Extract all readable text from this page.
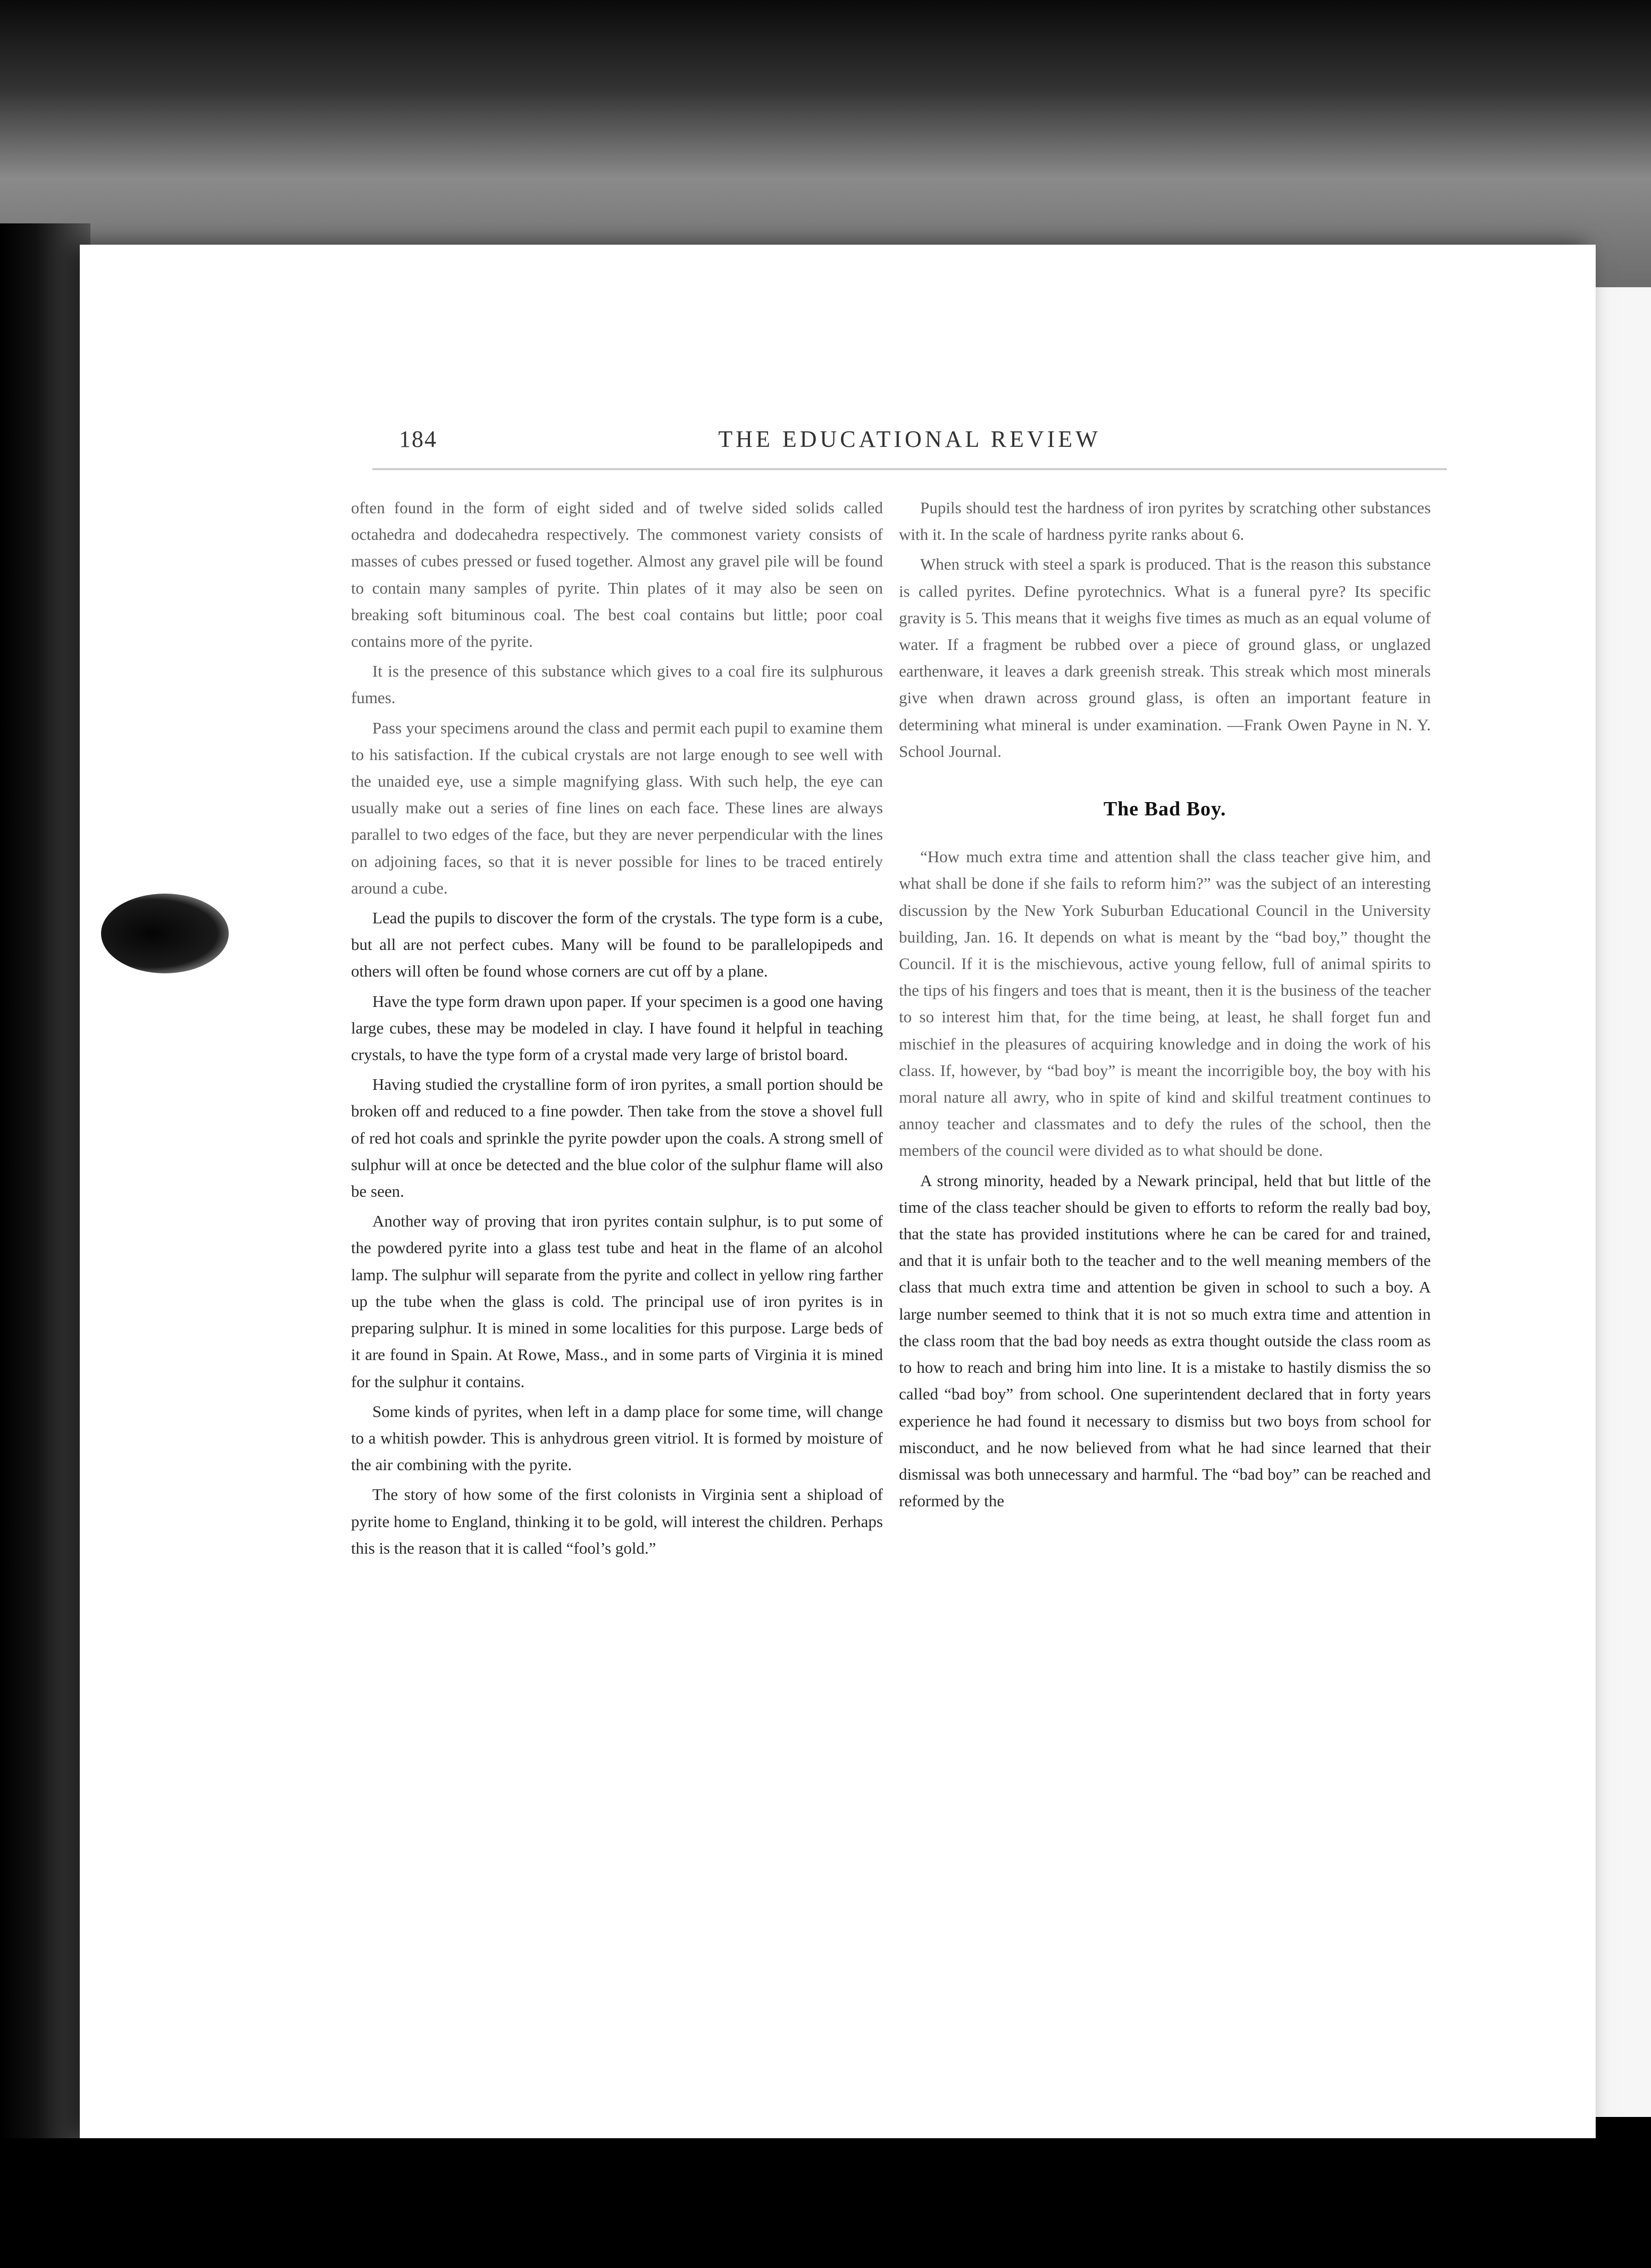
184	THE EDUCATIONAL REVIEW

often found in the form of eight sided and of twelve sided solids called octahedra and dodecahedra respectively. The commonest variety consists of masses of cubes pressed or fused together. Almost any gravel pile will be found to contain many samples of pyrite. Thin plates of it may also be seen on breaking soft bituminous coal. The best coal contains but little; poor coal contains more of the pyrite.

It is the presence of this substance which gives to a coal fire its sulphurous fumes.

Pass your specimens around the class and permit each pupil to examine them to his satisfaction. If the cubical crystals are not large enough to see well with the unaided eye, use a simple magnifying glass. With such help, the eye can usually make out a series of fine lines on each face. These lines are always parallel to two edges of the face, but they are never perpendicular with the lines on adjoining faces, so that it is never possible for lines to be traced entirely around a cube.

Lead the pupils to discover the form of the crystals. The type form is a cube, but all are not perfect cubes. Many will be found to be parallelopipeds and others will often be found whose corners are cut off by a plane.

Have the type form drawn upon paper. If your specimen is a good one having large cubes, these may be modeled in clay. I have found it helpful in teaching crystals, to have the type form of a crystal made very large of bristol board.

Having studied the crystalline form of iron pyrites, a small portion should be broken off and reduced to a fine powder. Then take from the stove a shovel full of red hot coals and sprinkle the pyrite powder upon the coals. A strong smell of sulphur will at once be detected and the blue color of the sulphur flame will also be seen.

Another way of proving that iron pyrites contain sulphur, is to put some of the powdered pyrite into a glass test tube and heat in the flame of an alcohol lamp. The sulphur will separate from the pyrite and collect in yellow ring farther up the tube when the glass is cold. The principal use of iron pyrites is in preparing sulphur. It is mined in some localities for this purpose. Large beds of it are found in Spain. At Rowe, Mass., and in some parts of Virginia it is mined for the sulphur it contains.

Some kinds of pyrites, when left in a damp place for some time, will change to a whitish powder. This is anhydrous green vitriol. It is formed by moisture of the air combining with the pyrite.

The story of how some of the first colonists in Virginia sent a shipload of pyrite home to England, thinking it to be gold, will interest the children. Perhaps this is the reason that it is called “fool’s gold.”

Pupils should test the hardness of iron pyrites by scratching other substances with it. In the scale of hardness pyrite ranks about 6.

When struck with steel a spark is produced. That is the reason this substance is called pyrites. Define pyrotechnics. What is a funeral pyre? Its specific gravity is 5. This means that it weighs five times as much as an equal volume of water. If a fragment be rubbed over a piece of ground glass, or unglazed earthenware, it leaves a dark greenish streak. This streak which most minerals give when drawn across ground glass, is often an important feature in determining what mineral is under examination. —Frank Owen Payne in N. Y. School Journal.

The Bad Boy.

“How much extra time and attention shall the class teacher give him, and what shall be done if she fails to reform him?” was the subject of an interesting discussion by the New York Suburban Educational Council in the University building, Jan. 16. It depends on what is meant by the “bad boy,” thought the Council. If it is the mischievous, active young fellow, full of animal spirits to the tips of his fingers and toes that is meant, then it is the business of the teacher to so interest him that, for the time being, at least, he shall forget fun and mischief in the pleasures of acquiring knowledge and in doing the work of his class. If, however, by “bad boy” is meant the incorrigible boy, the boy with his moral nature all awry, who in spite of kind and skilful treatment continues to annoy teacher and classmates and to defy the rules of the school, then the members of the council were divided as to what should be done.

A strong minority, headed by a Newark principal, held that but little of the time of the class teacher should be given to efforts to reform the really bad boy, that the state has provided institutions where he can be cared for and trained, and that it is unfair both to the teacher and to the well meaning members of the class that much extra time and attention be given in school to such a boy. A large number seemed to think that it is not so much extra time and attention in the class room that the bad boy needs as extra thought outside the class room as to how to reach and bring him into line. It is a mistake to hastily dismiss the so called “bad boy” from school. One superintendent declared that in forty years experience he had found it necessary to dismiss but two boys from school for misconduct, and he now believed from what he had since learned that their dismissal was both unnecessary and harmful. The “bad boy” can be reached and reformed by the
